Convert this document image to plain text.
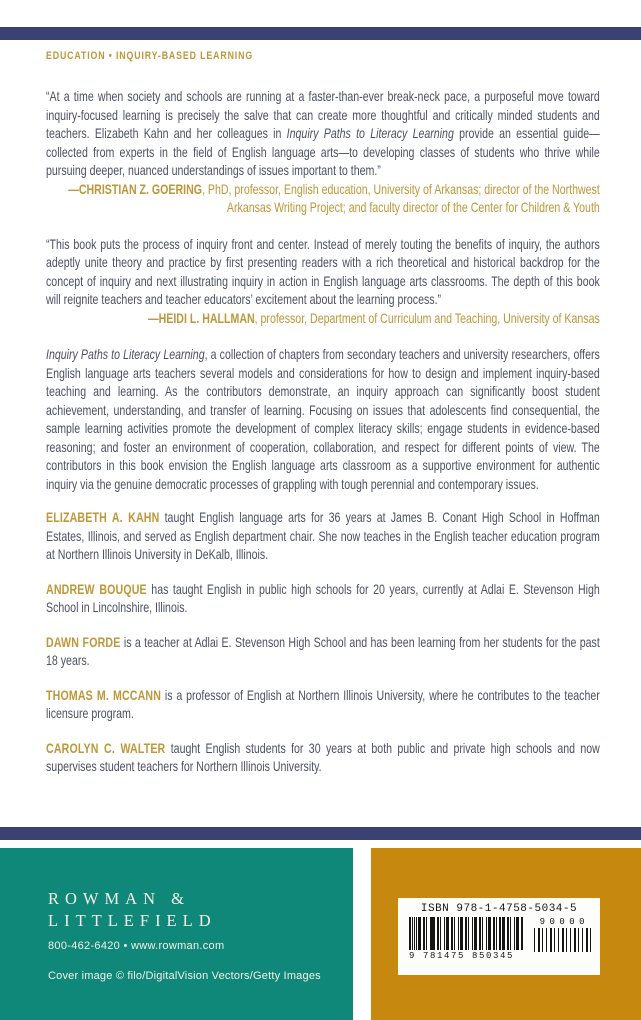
EDUCATION • INQUIRY-BASED LEARNING
“At a time when society and schools are running at a faster-than-ever break-neck pace, a purposeful move toward inquiry-focused learning is precisely the salve that can create more thoughtful and critically minded students and teachers. Elizabeth Kahn and her colleagues in Inquiry Paths to Literacy Learning provide an essential guide—collected from experts in the field of English language arts—to developing classes of students who thrive while pursuing deeper, nuanced understandings of issues important to them.”
—CHRISTIAN Z. GOERING, PhD, professor, English education, University of Arkansas; director of the Northwest Arkansas Writing Project; and faculty director of the Center for Children & Youth
“This book puts the process of inquiry front and center. Instead of merely touting the benefits of inquiry, the authors adeptly unite theory and practice by first presenting readers with a rich theoretical and historical backdrop for the concept of inquiry and next illustrating inquiry in action in English language arts classrooms. The depth of this book will reignite teachers and teacher educators’ excitement about the learning process.”
—HEIDI L. HALLMAN, professor, Department of Curriculum and Teaching, University of Kansas
Inquiry Paths to Literacy Learning, a collection of chapters from secondary teachers and university researchers, offers English language arts teachers several models and considerations for how to design and implement inquiry-based teaching and learning. As the contributors demonstrate, an inquiry approach can significantly boost student achievement, understanding, and transfer of learning. Focusing on issues that adolescents find consequential, the sample learning activities promote the development of complex literacy skills; engage students in evidence-based reasoning; and foster an environment of cooperation, collaboration, and respect for different points of view. The contributors in this book envision the English language arts classroom as a supportive environment for authentic inquiry via the genuine democratic processes of grappling with tough perennial and contemporary issues.
ELIZABETH A. KAHN taught English language arts for 36 years at James B. Conant High School in Hoffman Estates, Illinois, and served as English department chair. She now teaches in the English teacher education program at Northern Illinois University in DeKalb, Illinois.
ANDREW BOUQUE has taught English in public high schools for 20 years, currently at Adlai E. Stevenson High School in Lincolnshire, Illinois.
DAWN FORDE is a teacher at Adlai E. Stevenson High School and has been learning from her students for the past 18 years.
THOMAS M. MCCANN is a professor of English at Northern Illinois University, where he contributes to the teacher licensure program.
CAROLYN C. WALTER taught English students for 30 years at both public and private high schools and now supervises student teachers for Northern Illinois University.
ROWMAN &
LITTLEFIELD
800-462-6420 • www.rowman.com
Cover image © filo/DigitalVision Vectors/Getty Images
ISBN 978-1-4758-5034-5
9 781475 850345
90000
